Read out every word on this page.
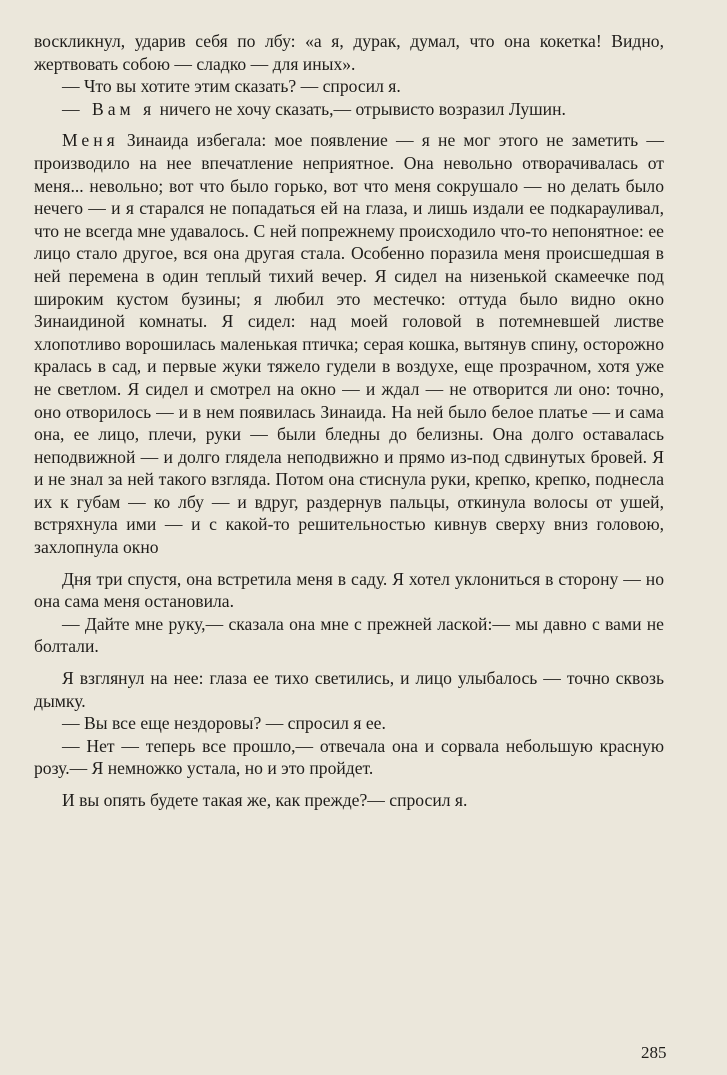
воскликнул, ударив себя по лбу: «а я, дурак, думал, что она кокетка! Видно, жертвовать собою — сладко — для иных».

— Что вы хотите этим сказать? — спросил я.

— Вам я ничего не хочу сказать,— отрывисто возразил Лушин.

Меня Зинаида избегала: мое появление — я не мог этого не заметить — производило на нее впечатление неприятное. Она невольно отворачивалась от меня... невольно; вот что было горько, вот что меня сокрушало — но делать было нечего — и я старался не попадаться ей на глаза, и лишь издали ее подкарауливал, что не всегда мне удавалось. С ней попрежнему происходило что-то непонятное: ее лицо стало другое, вся она другая стала. Особенно поразила меня происшедшая в ней перемена в один теплый тихий вечер. Я сидел на низенькой скамеечке под широким кустом бузины; я любил это местечко: оттуда было видно окно Зинаидиной комнаты. Я сидел: над моей головой в потемневшей листве хлопотливо ворошилась маленькая птичка; серая кошка, вытянув спину, осторожно кралась в сад, и первые жуки тяжело гудели в воздухе, еще прозрачном, хотя уже не светлом. Я сидел и смотрел на окно — и ждал — не отворится ли оно: точно, оно отворилось — и в нем появилась Зинаида. На ней было белое платье — и сама она, ее лицо, плечи, руки — были бледны до белизны. Она долго оставалась неподвижной — и долго глядела неподвижно и прямо из-под сдвинутых бровей. Я и не знал за ней такого взгляда. Потом она стиснула руки, крепко, крепко, поднесла их к губам — ко лбу — и вдруг, раздернув пальцы, откинула волосы от ушей, встряхнула ими — и с какой-то решительностью кивнув сверху вниз головою, захлопнула окно

Дня три спустя, она встретила меня в саду. Я хотел уклониться в сторону — но она сама меня остановила.

— Дайте мне руку,— сказала она мне с прежней лаской:— мы давно с вами не болтали.

Я взглянул на нее: глаза ее тихо светились, и лицо улыбалось — точно сквозь дымку.

— Вы все еще нездоровы? — спросил я ее.

— Нет — теперь все прошло,— отвечала она и сорвала небольшую красную розу.— Я немножко устала, но и это пройдет.

И вы опять будете такая же, как прежде?— спросил я.

285
